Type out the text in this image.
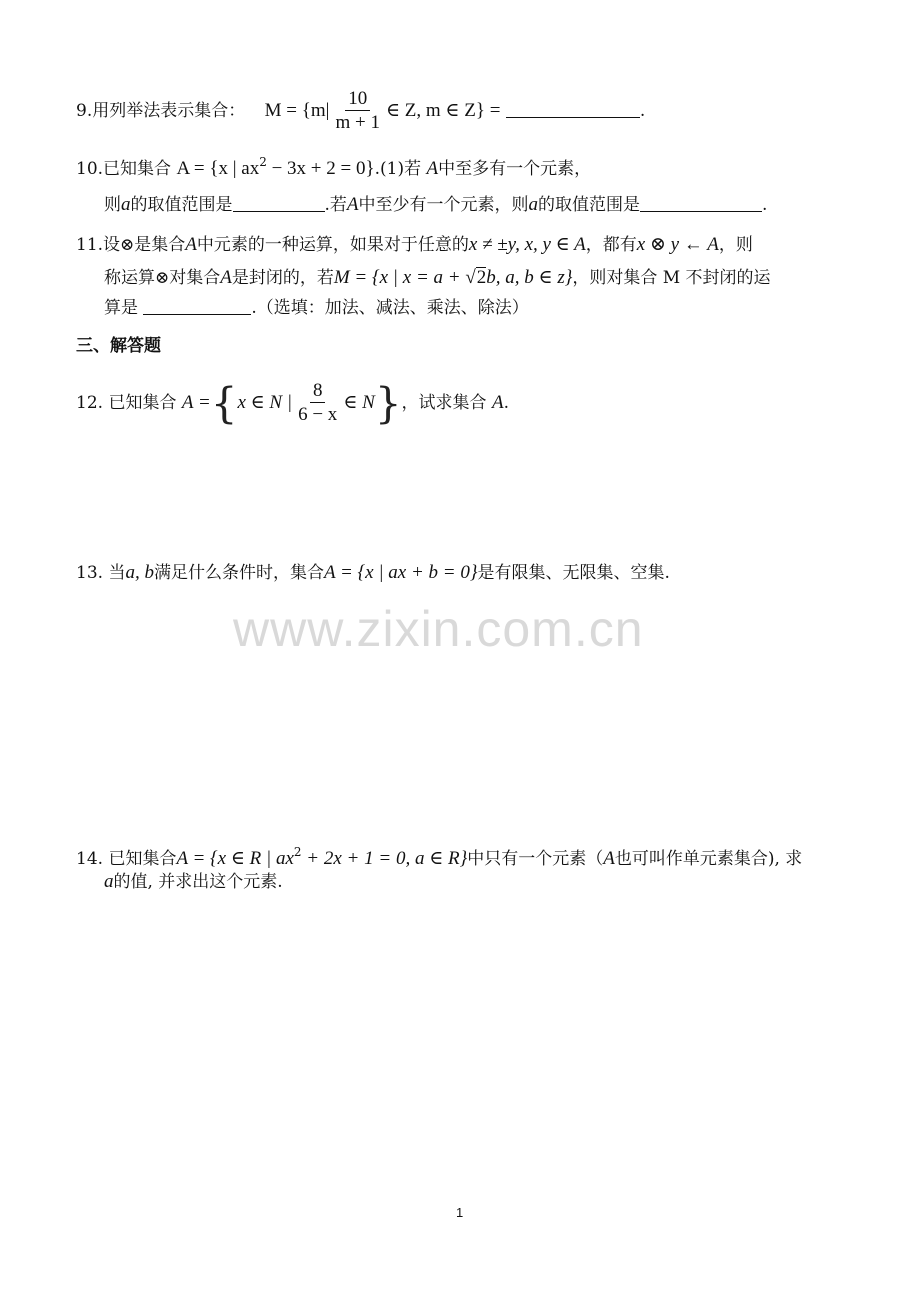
9.用列举法表示集合： $M = \{m| \frac{10}{m + 1}$ ∈ Z, m ∈ Z} =	.
10.已知集合 A = {x | $ax^2 - 3x + 2 = 0\}.(1)$若 A中至多有一个元素，
则a的取值范围是	.若A中至少有一个元素，则a的取值范围是	.
11.设⊗是集合A中元素的一种运算，如果对于任意的x ≠ ±y, x, y ∈ A，都有x ⊗ y ← A，则
称运算⊗对集合A是封闭的，若M = {x | x = a + √2b, a, b ∈ z}，则对集合 M 不封闭的运
算是	.（选填：加法、减法、乘法、除法）
三、解答题
12. 已知集合 A ={x ∈ N | $\frac{8}{6 - x}$ ∈ N}，试求集合 A.
13. 当a, b满足什么条件时，集合A = {x | ax + b = 0}是有限集、无限集、空集.
www.zixin.com.cn
14. 已知集合A = {x ∈ R | $ax^2 + 2x + 1 = 0$, a ∈ R}中只有一个元素（A也可叫作单元素集合), 求
a的值, 并求出这个元素.
1
